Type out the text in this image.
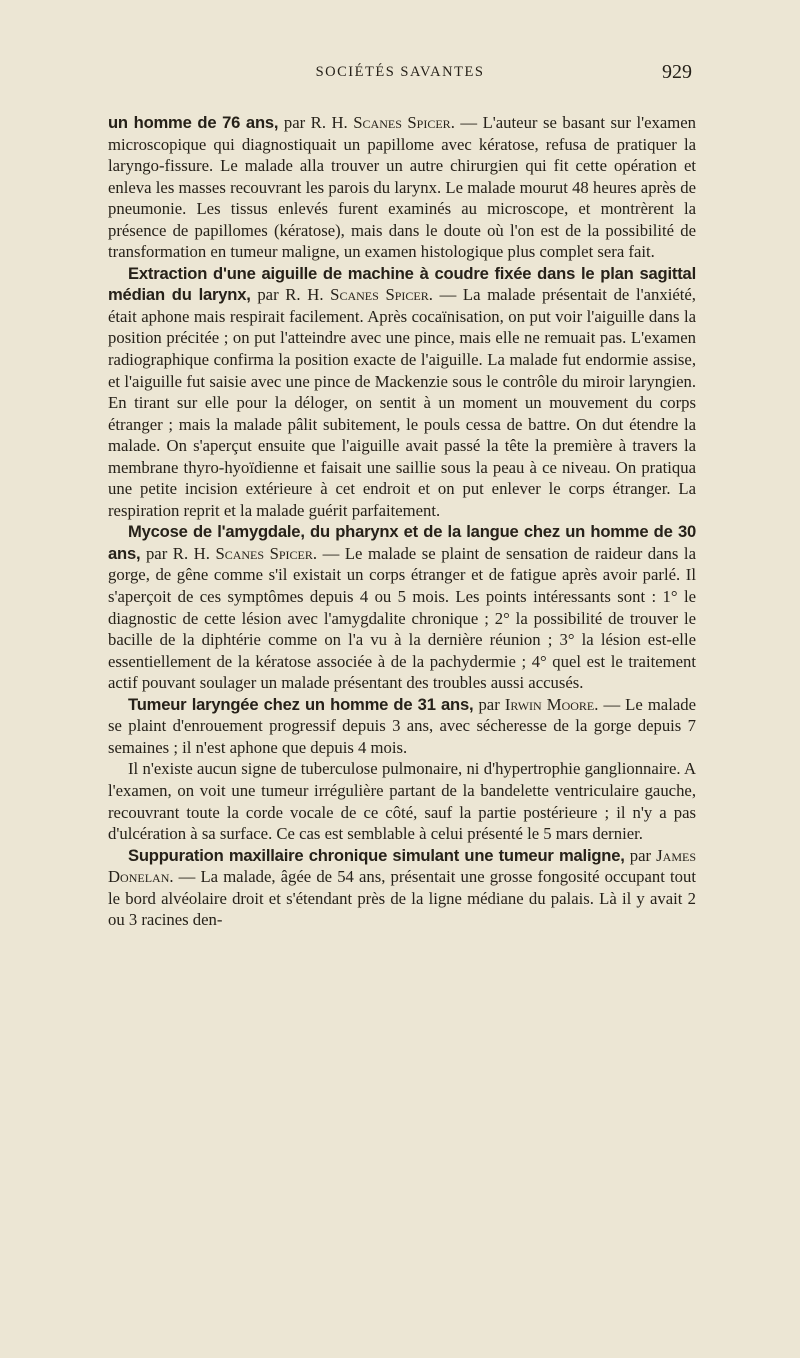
SOCIÉTÉS SAVANTES	929

un homme de 76 ans, par R. H. Scanes Spicer. — L'auteur se basant sur l'examen microscopique qui diagnostiquait un papillome avec kératose, refusa de pratiquer la laryngo-fissure. Le malade alla trouver un autre chirurgien qui fit cette opération et enleva les masses recouvrant les parois du larynx. Le malade mourut 48 heures après de pneumonie. Les tissus enlevés furent examinés au microscope, et montrèrent la présence de papillomes (kératose), mais dans le doute où l'on est de la possibilité de transformation en tumeur maligne, un examen histologique plus complet sera fait.

Extraction d'une aiguille de machine à coudre fixée dans le plan sagittal médian du larynx, par R. H. Scanes Spicer. — La malade présentait de l'anxiété, était aphone mais respirait facilement. Après cocaïnisation, on put voir l'aiguille dans la position précitée ; on put l'atteindre avec une pince, mais elle ne remuait pas. L'examen radiographique confirma la position exacte de l'aiguille. La malade fut endormie assise, et l'aiguille fut saisie avec une pince de Mackenzie sous le contrôle du miroir laryngien. En tirant sur elle pour la déloger, on sentit à un moment un mouvement du corps étranger ; mais la malade pâlit subitement, le pouls cessa de battre. On dut étendre la malade. On s'aperçut ensuite que l'aiguille avait passé la tête la première à travers la membrane thyro-hyoïdienne et faisait une saillie sous la peau à ce niveau. On pratiqua une petite incision extérieure à cet endroit et on put enlever le corps étranger. La respiration reprit et la malade guérit parfaitement.

Mycose de l'amygdale, du pharynx et de la langue chez un homme de 30 ans, par R. H. Scanes Spicer. — Le malade se plaint de sensation de raideur dans la gorge, de gêne comme s'il existait un corps étranger et de fatigue après avoir parlé. Il s'aperçoit de ces symptômes depuis 4 ou 5 mois. Les points intéressants sont : 1° le diagnostic de cette lésion avec l'amygdalite chronique ; 2° la possibilité de trouver le bacille de la diphtérie comme on l'a vu à la dernière réunion ; 3° la lésion est-elle essentiellement de la kératose associée à de la pachydermie ; 4° quel est le traitement actif pouvant soulager un malade présentant des troubles aussi accusés.

Tumeur laryngée chez un homme de 31 ans, par Irwin Moore. — Le malade se plaint d'enrouement progressif depuis 3 ans, avec sécheresse de la gorge depuis 7 semaines ; il n'est aphone que depuis 4 mois.

Il n'existe aucun signe de tuberculose pulmonaire, ni d'hypertrophie ganglionnaire. A l'examen, on voit une tumeur irrégulière partant de la bandelette ventriculaire gauche, recouvrant toute la corde vocale de ce côté, sauf la partie postérieure ; il n'y a pas d'ulcération à sa surface. Ce cas est semblable à celui présenté le 5 mars dernier.

Suppuration maxillaire chronique simulant une tumeur maligne, par James Donelan. — La malade, âgée de 54 ans, présentait une grosse fongosité occupant tout le bord alvéolaire droit et s'étendant près de la ligne médiane du palais. Là il y avait 2 ou 3 racines den-
